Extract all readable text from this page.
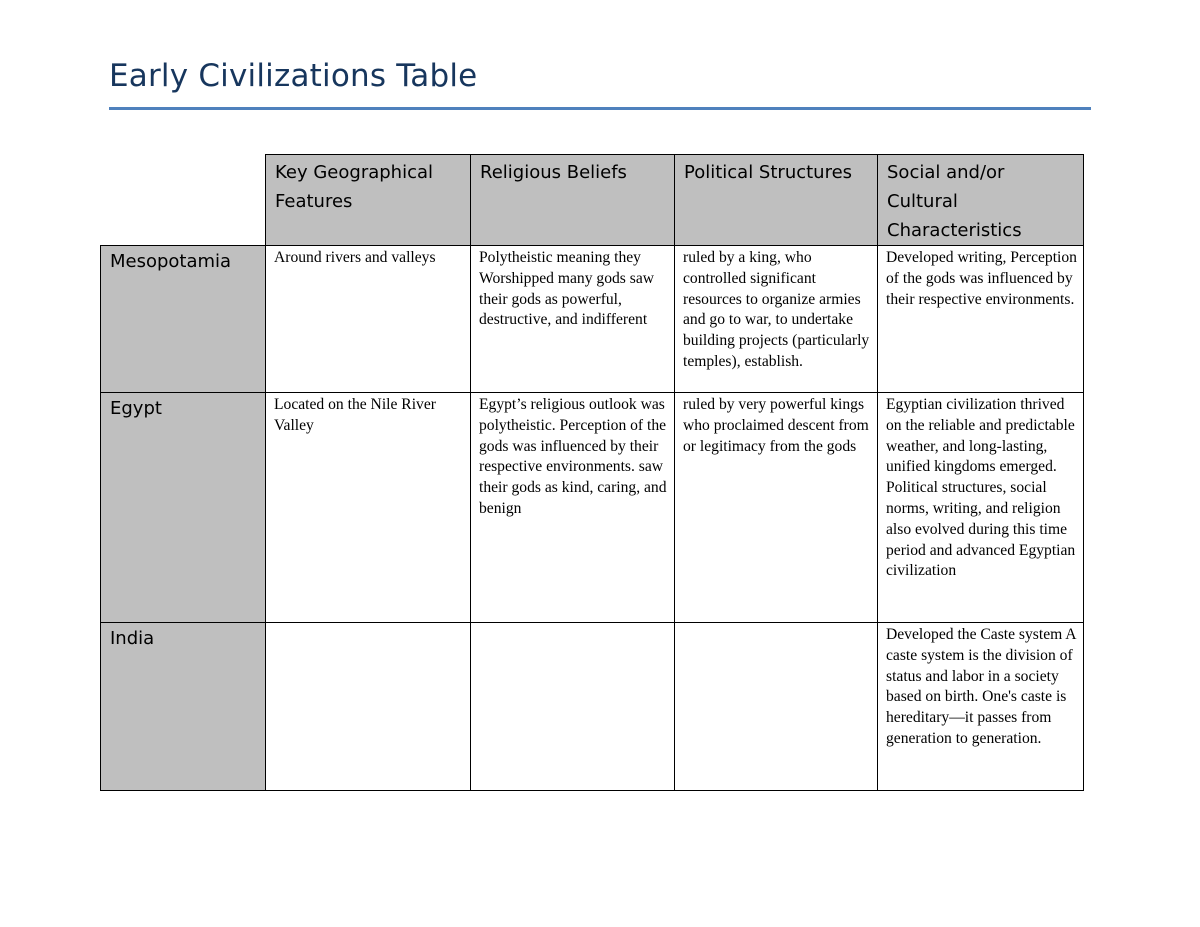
Early Civilizations Table

	Key Geographical Features	Religious Beliefs	Political Structures	Social and/or Cultural Characteristics

Mesopotamia	Around rivers and valleys	Polytheistic meaning they
Worshipped many gods saw their gods as powerful, destructive, and indifferent	ruled by a king, who controlled significant resources to organize armies and go to war, to undertake building projects (particularly temples), establish.	Developed writing, Perception of the gods was influenced by their respective environments.

Egypt	Located on the Nile River Valley	Egypt’s religious outlook was polytheistic. Perception of the gods was influenced by their respective environments. saw their gods as kind, caring, and benign	ruled by very powerful kings who proclaimed descent from or legitimacy from the gods	Egyptian civilization thrived on the reliable and predictable weather, and long-lasting, unified kingdoms emerged. Political structures, social norms, writing, and religion also evolved during this time period and advanced Egyptian civilization

India				Developed the Caste system A caste system is the division of status and labor in a society based on birth. One's caste is hereditary—it passes from generation to generation.
